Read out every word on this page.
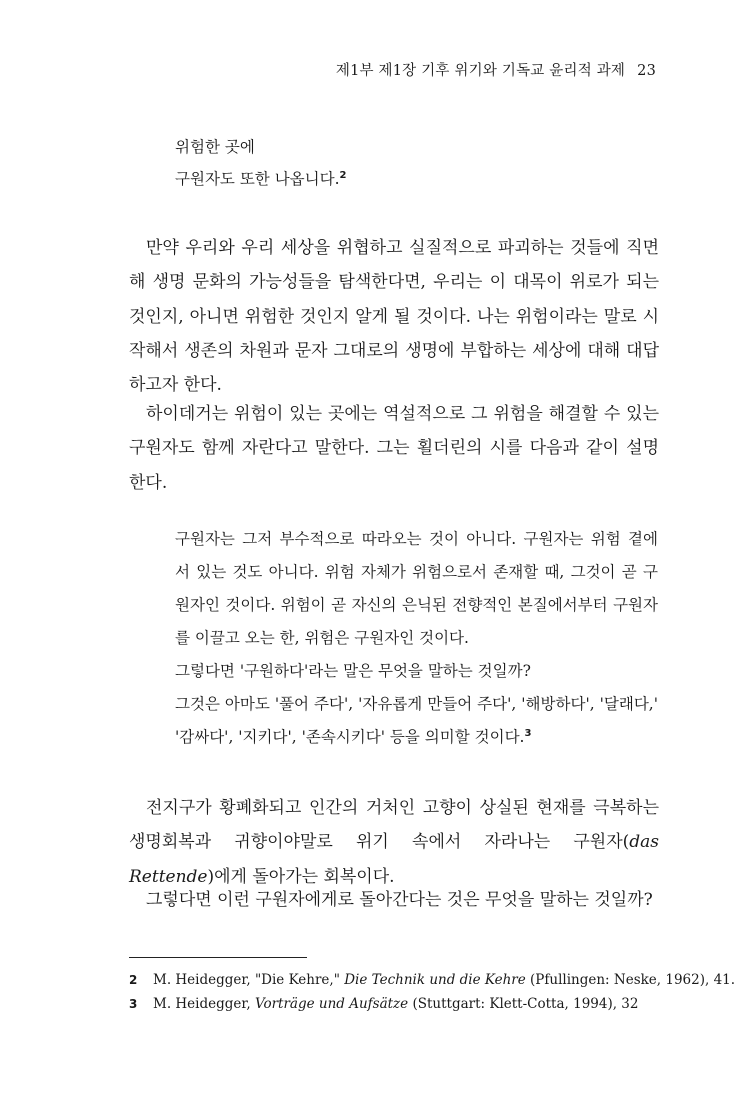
제1부 제1장 기후 위기와 기독교 윤리적 과제 23
위험한 곳에
구원자도 또한 나옵니다.$^2$
만약 우리와 우리 세상을 위협하고 실질적으로 파괴하는 것들에 직면해 생명 문화의 가능성들을 탐색한다면, 우리는 이 대목이 위로가 되는 것인지, 아니면 위험한 것인지 알게 될 것이다. 나는 위험이라는 말로 시작해서 생존의 차원과 문자 그대로의 생명에 부합하는 세상에 대해 대답하고자 한다.
하이데거는 위험이 있는 곳에는 역설적으로 그 위험을 해결할 수 있는 구원자도 함께 자란다고 말한다. 그는 횔더린의 시를 다음과 같이 설명한다.

구원자는 그저 부수적으로 따라오는 것이 아니다. 구원자는 위험 곁에 서 있는 것도 아니다. 위험 자체가 위험으로서 존재할 때, 그것이 곧 구원자인 것이다. 위험이 곧 자신의 은닉된 전향적인 본질에서부터 구원자를 이끌고 오는 한, 위험은 구원자인 것이다.

그렇다면 '구원하다'라는 말은 무엇을 말하는 것일까?

그것은 아마도 '풀어 주다', '자유롭게 만들어 주다', '해방하다', '달래다,' '감싸다', '지키다', '존속시키다' 등을 의미할 것이다.$^3$

전지구가 황폐화되고 인간의 거처인 고향이 상실된 현재를 극복하는 생명회복과 귀향이야말로 위기 속에서 자라나는 구원자(das Rettende)에게 돌아가는 회복이다.
그렇다면 이런 구원자에게로 돌아간다는 것은 무엇을 말하는 것일까?
2 M. Heidegger, "Die Kehre," Die Technik und die Kehre (Pfullingen: Neske, 1962), 41.
3 M. Heidegger, Vorträge und Aufsätze (Stuttgart: Klett-Cotta, 1994), 32
